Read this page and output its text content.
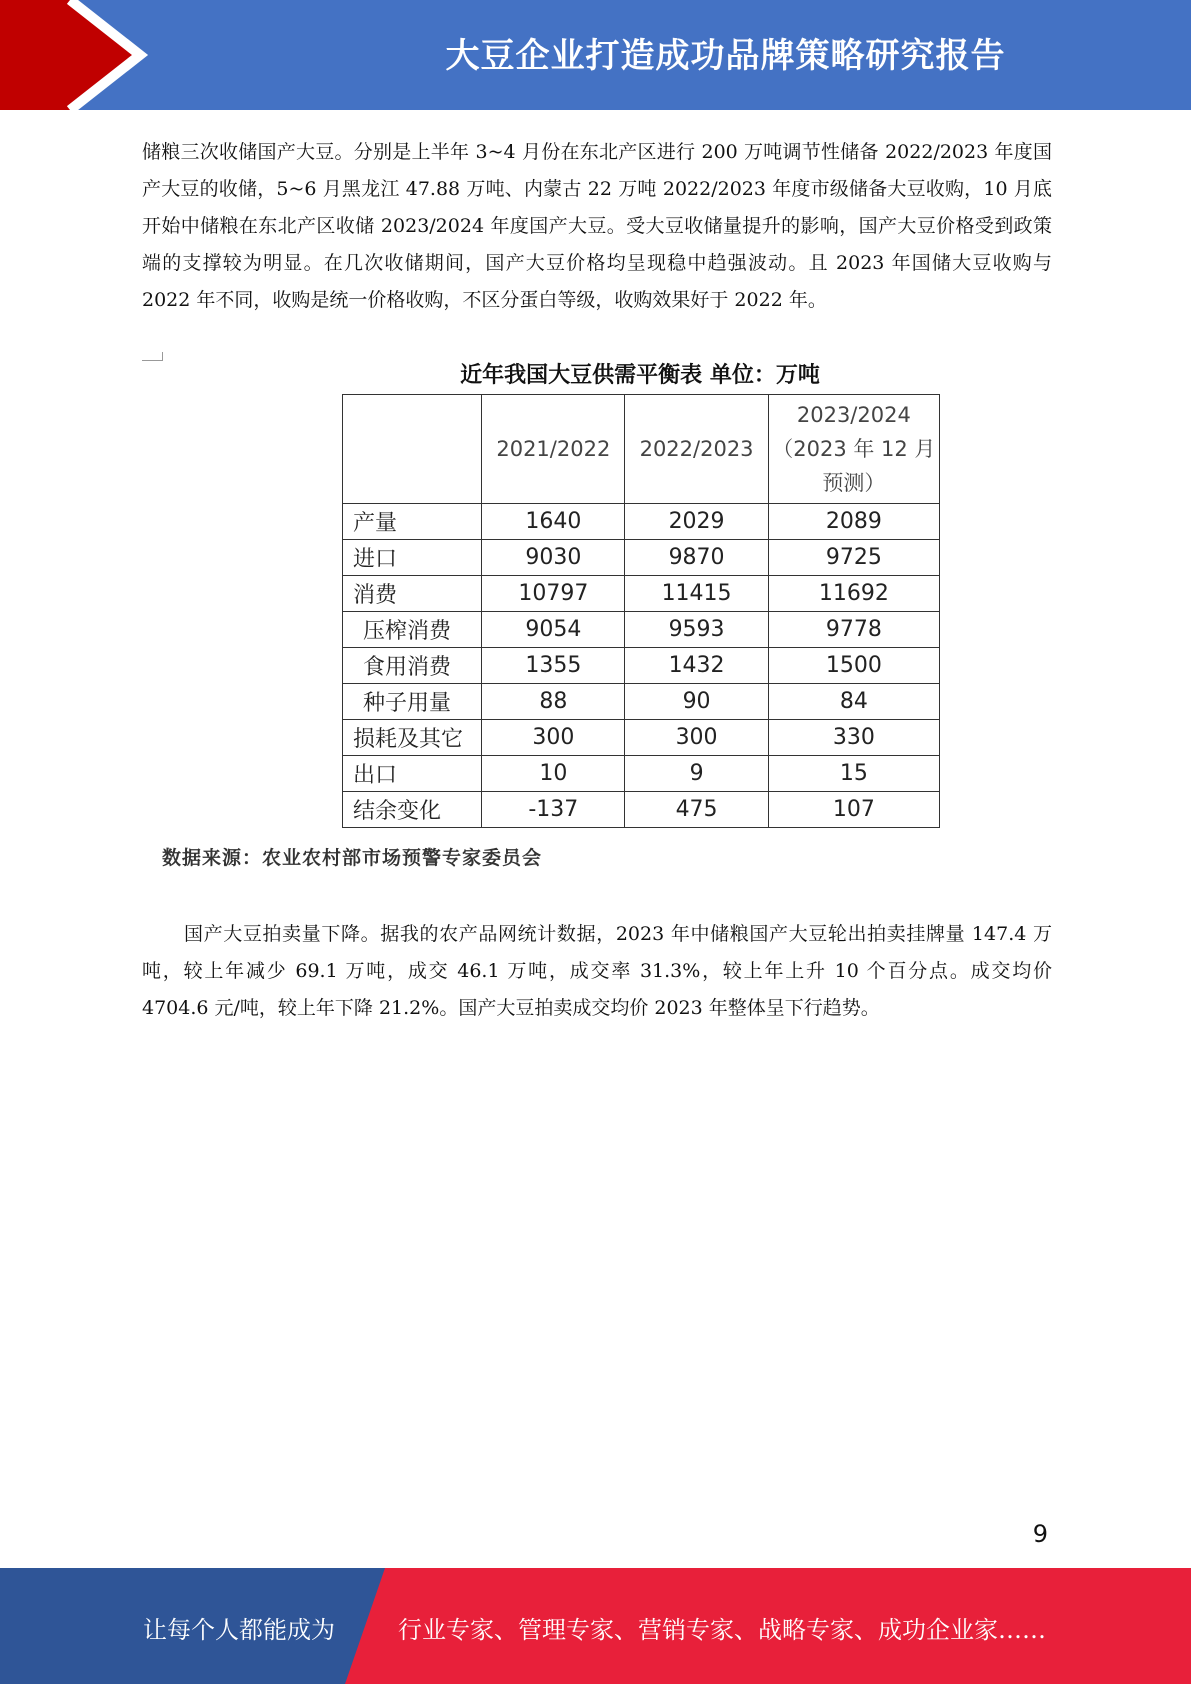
大豆企业打造成功品牌策略研究报告
储粮三次收储国产大豆。分别是上半年 3~4 月份在东北产区进行 200 万吨调节性储备 2022/2023 年度国产大豆的收储，5~6 月黑龙江 47.88 万吨、内蒙古 22 万吨 2022/2023 年度市级储备大豆收购，10 月底开始中储粮在东北产区收储 2023/2024 年度国产大豆。受大豆收储量提升的影响，国产大豆价格受到政策端的支撑较为明显。在几次收储期间，国产大豆价格均呈现稳中趋强波动。且 2023 年国储大豆收购与 2022 年不同，收购是统一价格收购，不区分蛋白等级，收购效果好于 2022 年。
近年我国大豆供需平衡表 单位：万吨
	2021/2022	2022/2023	2023/2024（2023 年 12 月预测）
产量	1640	2029	2089
进口	9030	9870	9725
消费	10797	11415	11692
压榨消费	9054	9593	9778
食用消费	1355	1432	1500
种子用量	88	90	84
损耗及其它	300	300	330
出口	10	9	15
结余变化	-137	475	107
数据来源：农业农村部市场预警专家委员会
国产大豆拍卖量下降。据我的农产品网统计数据，2023 年中储粮国产大豆轮出拍卖挂牌量 147.4 万吨，较上年减少 69.1 万吨，成交 46.1 万吨，成交率 31.3%，较上年上升 10 个百分点。成交均价 4704.6 元/吨，较上年下降 21.2%。国产大豆拍卖成交均价 2023 年整体呈下行趋势。
9
让每个人都能成为	行业专家、管理专家、营销专家、战略专家、成功企业家……
